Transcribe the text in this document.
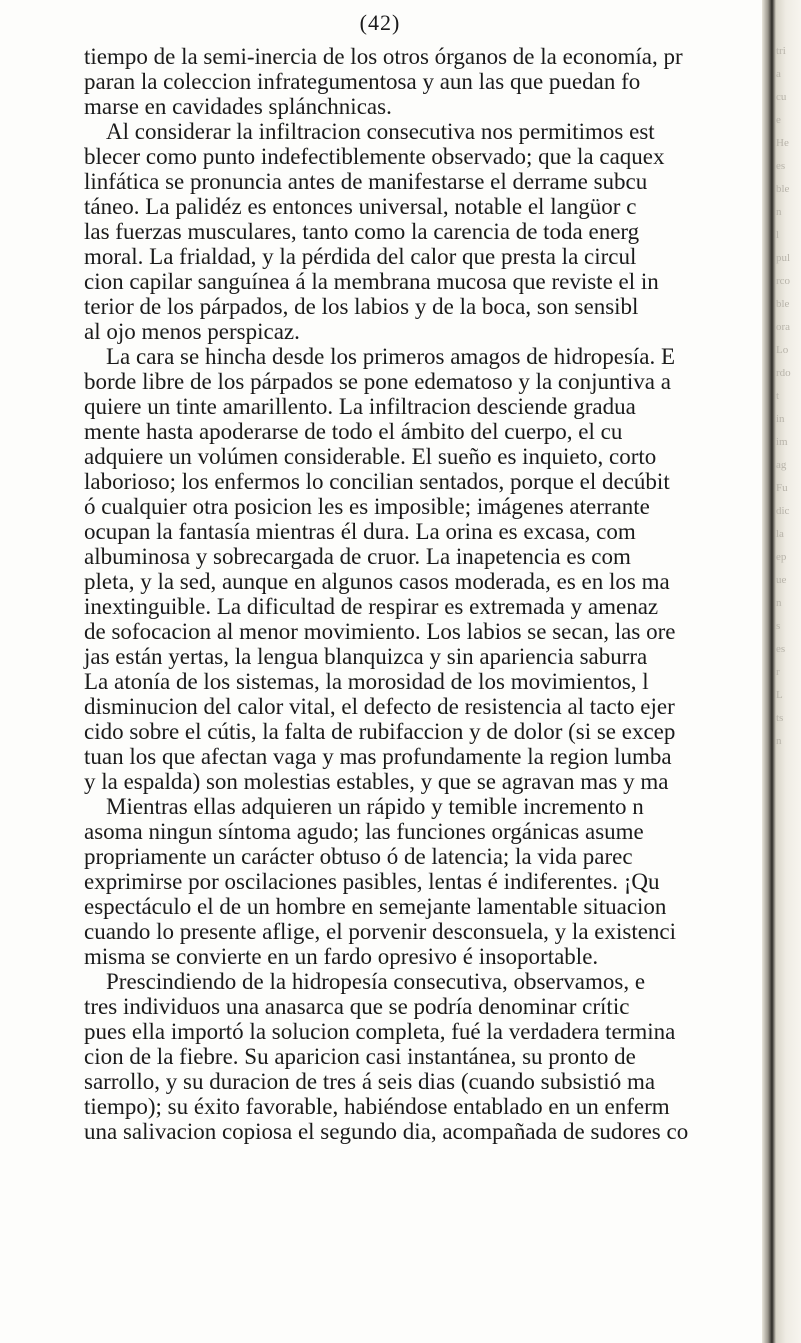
(42)
tiempo de la semi-inercia de los otros órganos de la economía, pr
paran la coleccion infrategumentosa y aun las que puedan fo
marse en cavidades splánchnicas.
Al considerar la infiltracion consecutiva nos permitimos est
blecer como punto indefectiblemente observado; que la caquex
linfática se pronuncia antes de manifestarse el derrame subcu
táneo. La palidéz es entonces universal, notable el langüor c
las fuerzas musculares, tanto como la carencia de toda energ
moral. La frialdad, y la pérdida del calor que presta la circul
cion capilar sanguínea á la membrana mucosa que reviste el in
terior de los párpados, de los labios y de la boca, son sensibl
al ojo menos perspicaz.
La cara se hincha desde los primeros amagos de hidropesía. E
borde libre de los párpados se pone edematoso y la conjuntiva a
quiere un tinte amarillento. La infiltracion desciende gradua
mente hasta apoderarse de todo el ámbito del cuerpo, el cu
adquiere un volúmen considerable. El sueño es inquieto, corto
laborioso; los enfermos lo concilian sentados, porque el decúbit
ó cualquier otra posicion les es imposible; imágenes aterrante
ocupan la fantasía mientras él dura. La orina es excasa, com
albuminosa y sobrecargada de cruor. La inapetencia es com
pleta, y la sed, aunque en algunos casos moderada, es en los ma
inextinguible. La dificultad de respirar es extremada y amenaz
de sofocacion al menor movimiento. Los labios se secan, las ore
jas están yertas, la lengua blanquizca y sin apariencia saburra
La atonía de los sistemas, la morosidad de los movimientos, l
disminucion del calor vital, el defecto de resistencia al tacto ejer
cido sobre el cútis, la falta de rubifaccion y de dolor (si se excep
tuan los que afectan vaga y mas profundamente la region lumba
y la espalda) son molestias estables, y que se agravan mas y ma
Mientras ellas adquieren un rápido y temible incremento n
asoma ningun síntoma agudo; las funciones orgánicas asume
propriamente un carácter obtuso ó de latencia; la vida parec
exprimirse por oscilaciones pasibles, lentas é indiferentes. ¡Qu
espectáculo el de un hombre en semejante lamentable situacion
cuando lo presente aflige, el porvenir desconsuela, y la existenci
misma se convierte en un fardo opresivo é insoportable.
Prescindiendo de la hidropesía consecutiva, observamos, e
tres individuos una anasarca que se podría denominar crític
pues ella importó la solucion completa, fué la verdadera termina
cion de la fiebre. Su aparicion casi instantánea, su pronto de
sarrollo, y su duracion de tres á seis dias (cuando subsistió ma
tiempo); su éxito favorable, habiéndose entablado en un enferm
una salivacion copiosa el segundo dia, acompañada de sudores co
tri
a
cu
e
He
es
ble
n
l
pul
rco
ble
ora
Lo
rdo
t
in
im
ag
Fu
dic
la
ep
ue
n
s
es
r
L
ts
n
